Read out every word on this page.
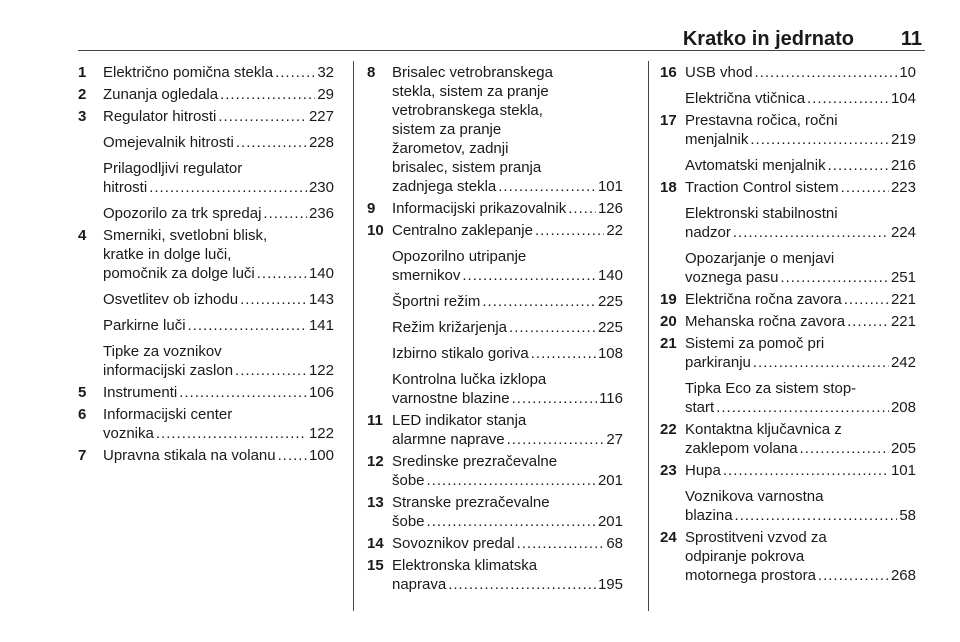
Kratko in jedrnato 11
1	Električno pomična stekla .....	32
2	Zunanja ogledala .....	29
3	Regulator hitrosti .....	227
Omejevalnik hitrosti .....	228
Prilagodljivi regulator
hitrosti .....	230
Opozorilo za trk spredaj .....	236
4	Smerniki, svetlobni blisk,
kratke in dolge luči,
pomočnik za dolge luči .....	140
Osvetlitev ob izhodu .....	143
Parkirne luči .....	141
Tipke za voznikov
informacijski zaslon .....	122
5	Instrumenti .....	106
6	Informacijski center
voznika .....	122
7	Upravna stikala na volanu ..... 100
8	Brisalec vetrobranskega
stekla, sistem za pranje
vetrobranskega stekla,
sistem za pranje
žarometov, zadnji
brisalec, sistem pranja
zadnjega stekla .....	101
9	Informacijski prikazovalnik ..... 126
10 Centralno zaklepanje .....	22
Opozorilno utripanje
smernikov .....	140
Športni režim .....	225
Režim križarjenja .....	225
Izbirno stikalo goriva .....	108
Kontrolna lučka izklopa
varnostne blazine .....	116
11 LED indikator stanja
alarmne naprave .....	27
12 Sredinske prezračevalne
šobe .....	201
13 Stranske prezračevalne
šobe .....	201
14 Sovoznikov predal .....	68
15 Elektronska klimatska
naprava .....	195
16 USB vhod .....	10
Električna vtičnica .....	104
17 Prestavna ročica, ročni
menjalnik .....	219
Avtomatski menjalnik .....	216
18 Traction Control sistem .....	223
Elektronski stabilnostni
nadzor .....	224
Opozarjanje o menjavi
voznega pasu .....	251
19 Električna ročna zavora .....	221
20 Mehanska ročna zavora .....	221
21 Sistemi za pomoč pri
parkiranju .....	242
Tipka Eco za sistem stop-
start .....	208
22 Kontaktna ključavnica z
zaklepom volana .....	205
23 Hupa .....	101
Voznikova varnostna
blazina .....	58
24 Sprostitveni vzvod za
odpiranje pokrova
motornega prostora .....	268
